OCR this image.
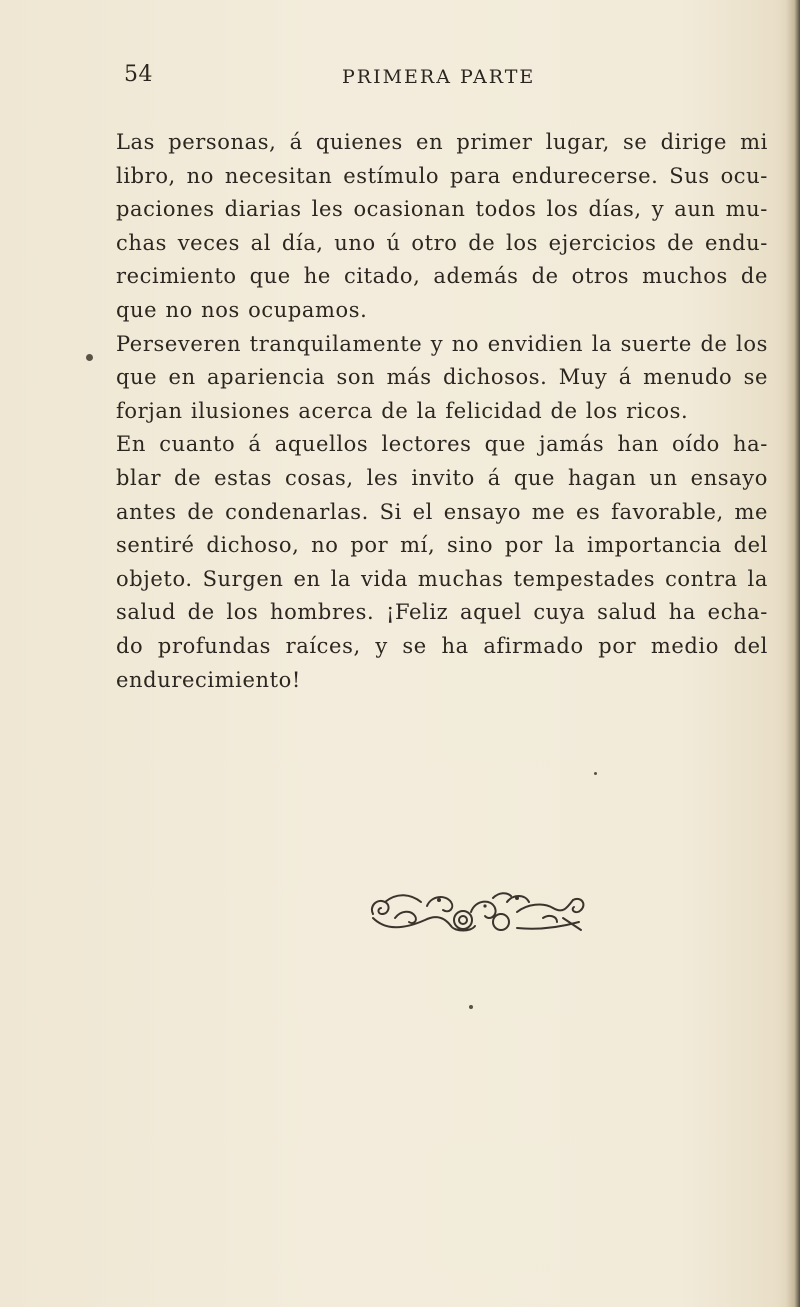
54	PRIMERA PARTE

Las personas, á quienes en primer lugar, se dirige mi libro, no necesitan estímulo para endurecerse. Sus ocu- paciones diarias les ocasionan todos los días, y aun mu- chas veces al día, uno ú otro de los ejercicios de endu- recimiento que he citado, además de otros muchos de que no nos ocupamos.

Perseveren tranquilamente y no envidien la suerte de los que en apariencia son más dichosos. Muy á menudo se forjan ilusiones acerca de la felicidad de los ricos.

En cuanto á aquellos lectores que jamás han oído ha- blar de estas cosas, les invito á que hagan un ensayo antes de condenarlas. Si el ensayo me es favorable, me sentiré dichoso, no por mí, sino por la importancia del objeto. Surgen en la vida muchas tempestades contra la salud de los hombres. ¡Feliz aquel cuya salud ha echa- do profundas raíces, y se ha afirmado por medio del endurecimiento!
